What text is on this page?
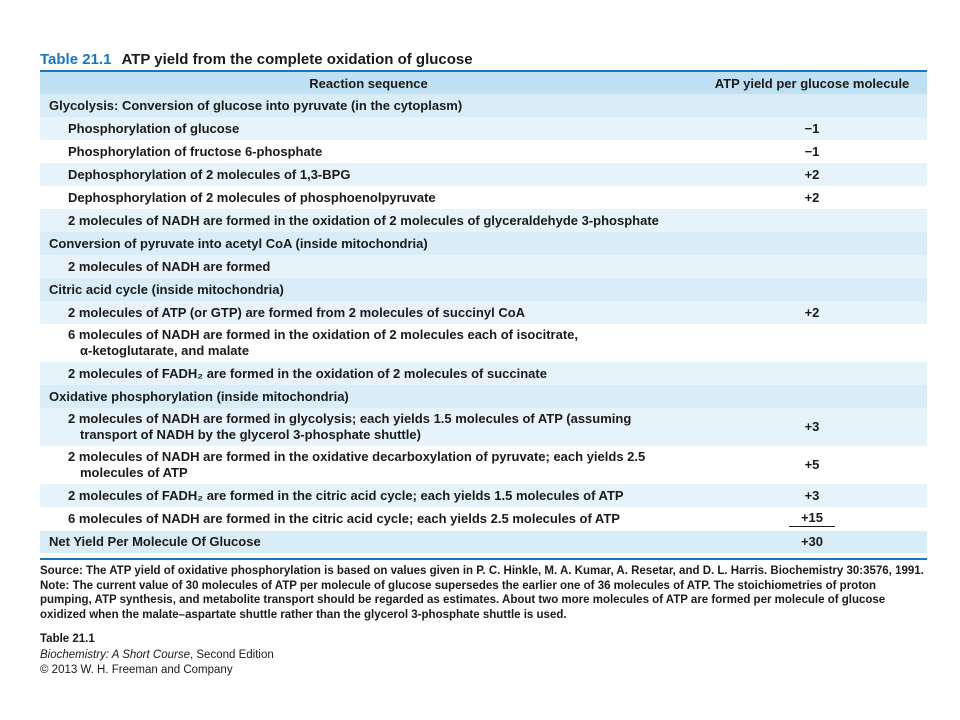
Table 21.1 ATP yield from the complete oxidation of glucose
Reaction sequence	ATP yield per glucose molecule
Glycolysis: Conversion of glucose into pyruvate (in the cytoplasm)	
Phosphorylation of glucose	−1
Phosphorylation of fructose 6-phosphate	−1
Dephosphorylation of 2 molecules of 1,3-BPG	+2
Dephosphorylation of 2 molecules of phosphoenolpyruvate	+2
2 molecules of NADH are formed in the oxidation of 2 molecules of glyceraldehyde 3-phosphate	
Conversion of pyruvate into acetyl CoA (inside mitochondria)	
2 molecules of NADH are formed	
Citric acid cycle (inside mitochondria)	
2 molecules of ATP (or GTP) are formed from 2 molecules of succinyl CoA	+2
6 molecules of NADH are formed in the oxidation of 2 molecules each of isocitrate,
α-ketoglutarate, and malate	
2 molecules of FADH₂ are formed in the oxidation of 2 molecules of succinate	
Oxidative phosphorylation (inside mitochondria)	
2 molecules of NADH are formed in glycolysis; each yields 1.5 molecules of ATP (assuming
transport of NADH by the glycerol 3-phosphate shuttle)	+3
2 molecules of NADH are formed in the oxidative decarboxylation of pyruvate; each yields 2.5
molecules of ATP	+5
2 molecules of FADH₂ are formed in the citric acid cycle; each yields 1.5 molecules of ATP	+3
6 molecules of NADH are formed in the citric acid cycle; each yields 2.5 molecules of ATP	+15
Net Yield Per Molecule Of Glucose	+30
Source: The ATP yield of oxidative phosphorylation is based on values given in P. C. Hinkle, M. A. Kumar, A. Resetar, and D. L. Harris. Biochemistry 30:3576, 1991.
Note: The current value of 30 molecules of ATP per molecule of glucose supersedes the earlier one of 36 molecules of ATP. The stoichiometries of proton pumping, ATP synthesis, and metabolite transport should be regarded as estimates. About two more molecules of ATP are formed per molecule of glucose oxidized when the malate–aspartate shuttle rather than the glycerol 3-phosphate shuttle is used.
Table 21.1
Biochemistry: A Short Course, Second Edition
© 2013 W. H. Freeman and Company
